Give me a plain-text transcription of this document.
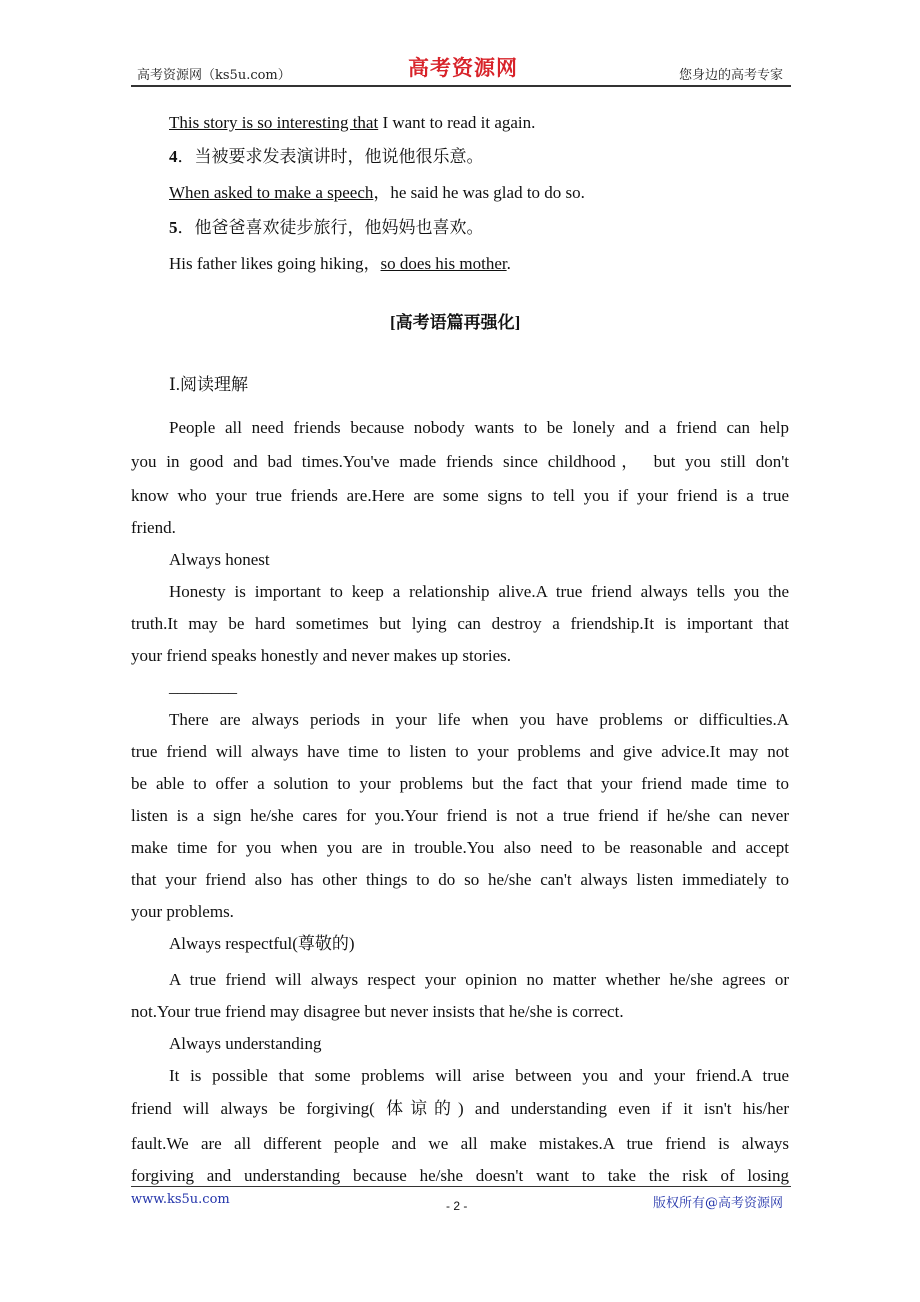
高考资源网（ks5u.com）	高考资源网	您身边的高考专家
This story is so interesting that I want to read it again.
4．当被要求发表演讲时，他说他很乐意。
When asked to make a speech，he said he was glad to do so.
5．他爸爸喜欢徒步旅行，他妈妈也喜欢。
His father likes going hiking，so does his mother.
[高考语篇再强化]
Ⅰ.阅读理解
People all need friends because nobody wants to be lonely and a friend can help
you in good and bad times.You've made friends since childhood， but you still don't
know who your true friends are.Here are some signs to tell you if your friend is a true
friend.
Always honest
Honesty is important to keep a relationship alive.A true friend always tells you the
truth.It may be hard sometimes but lying can destroy a friendship.It is important that
your friend speaks honestly and never makes up stories.
________
There are always periods in your life when you have problems or difficulties.A
true friend will always have time to listen to your problems and give advice.It may not
be able to offer a solution to your problems but the fact that your friend made time to
listen is a sign he/she cares for you.Your friend is not a true friend if he/she can never
make time for you when you are in trouble.You also need to be reasonable and accept
that your friend also has other things to do so he/she can't always listen immediately to
your problems.
Always respectful(尊敬的)
A true friend will always respect your opinion no matter whether he/she agrees or
not.Your true friend may disagree but never insists that he/she is correct.
Always understanding
It is possible that some problems will arise between you and your friend.A true
friend will always be forgiving( 体谅的) and understanding even if it isn't his/her
fault.We are all different people and we all make mistakes.A true friend is always
forgiving and understanding because he/she doesn't want to take the risk of losing
www.ks5u.com	- 2 -	版权所有@高考资源网
